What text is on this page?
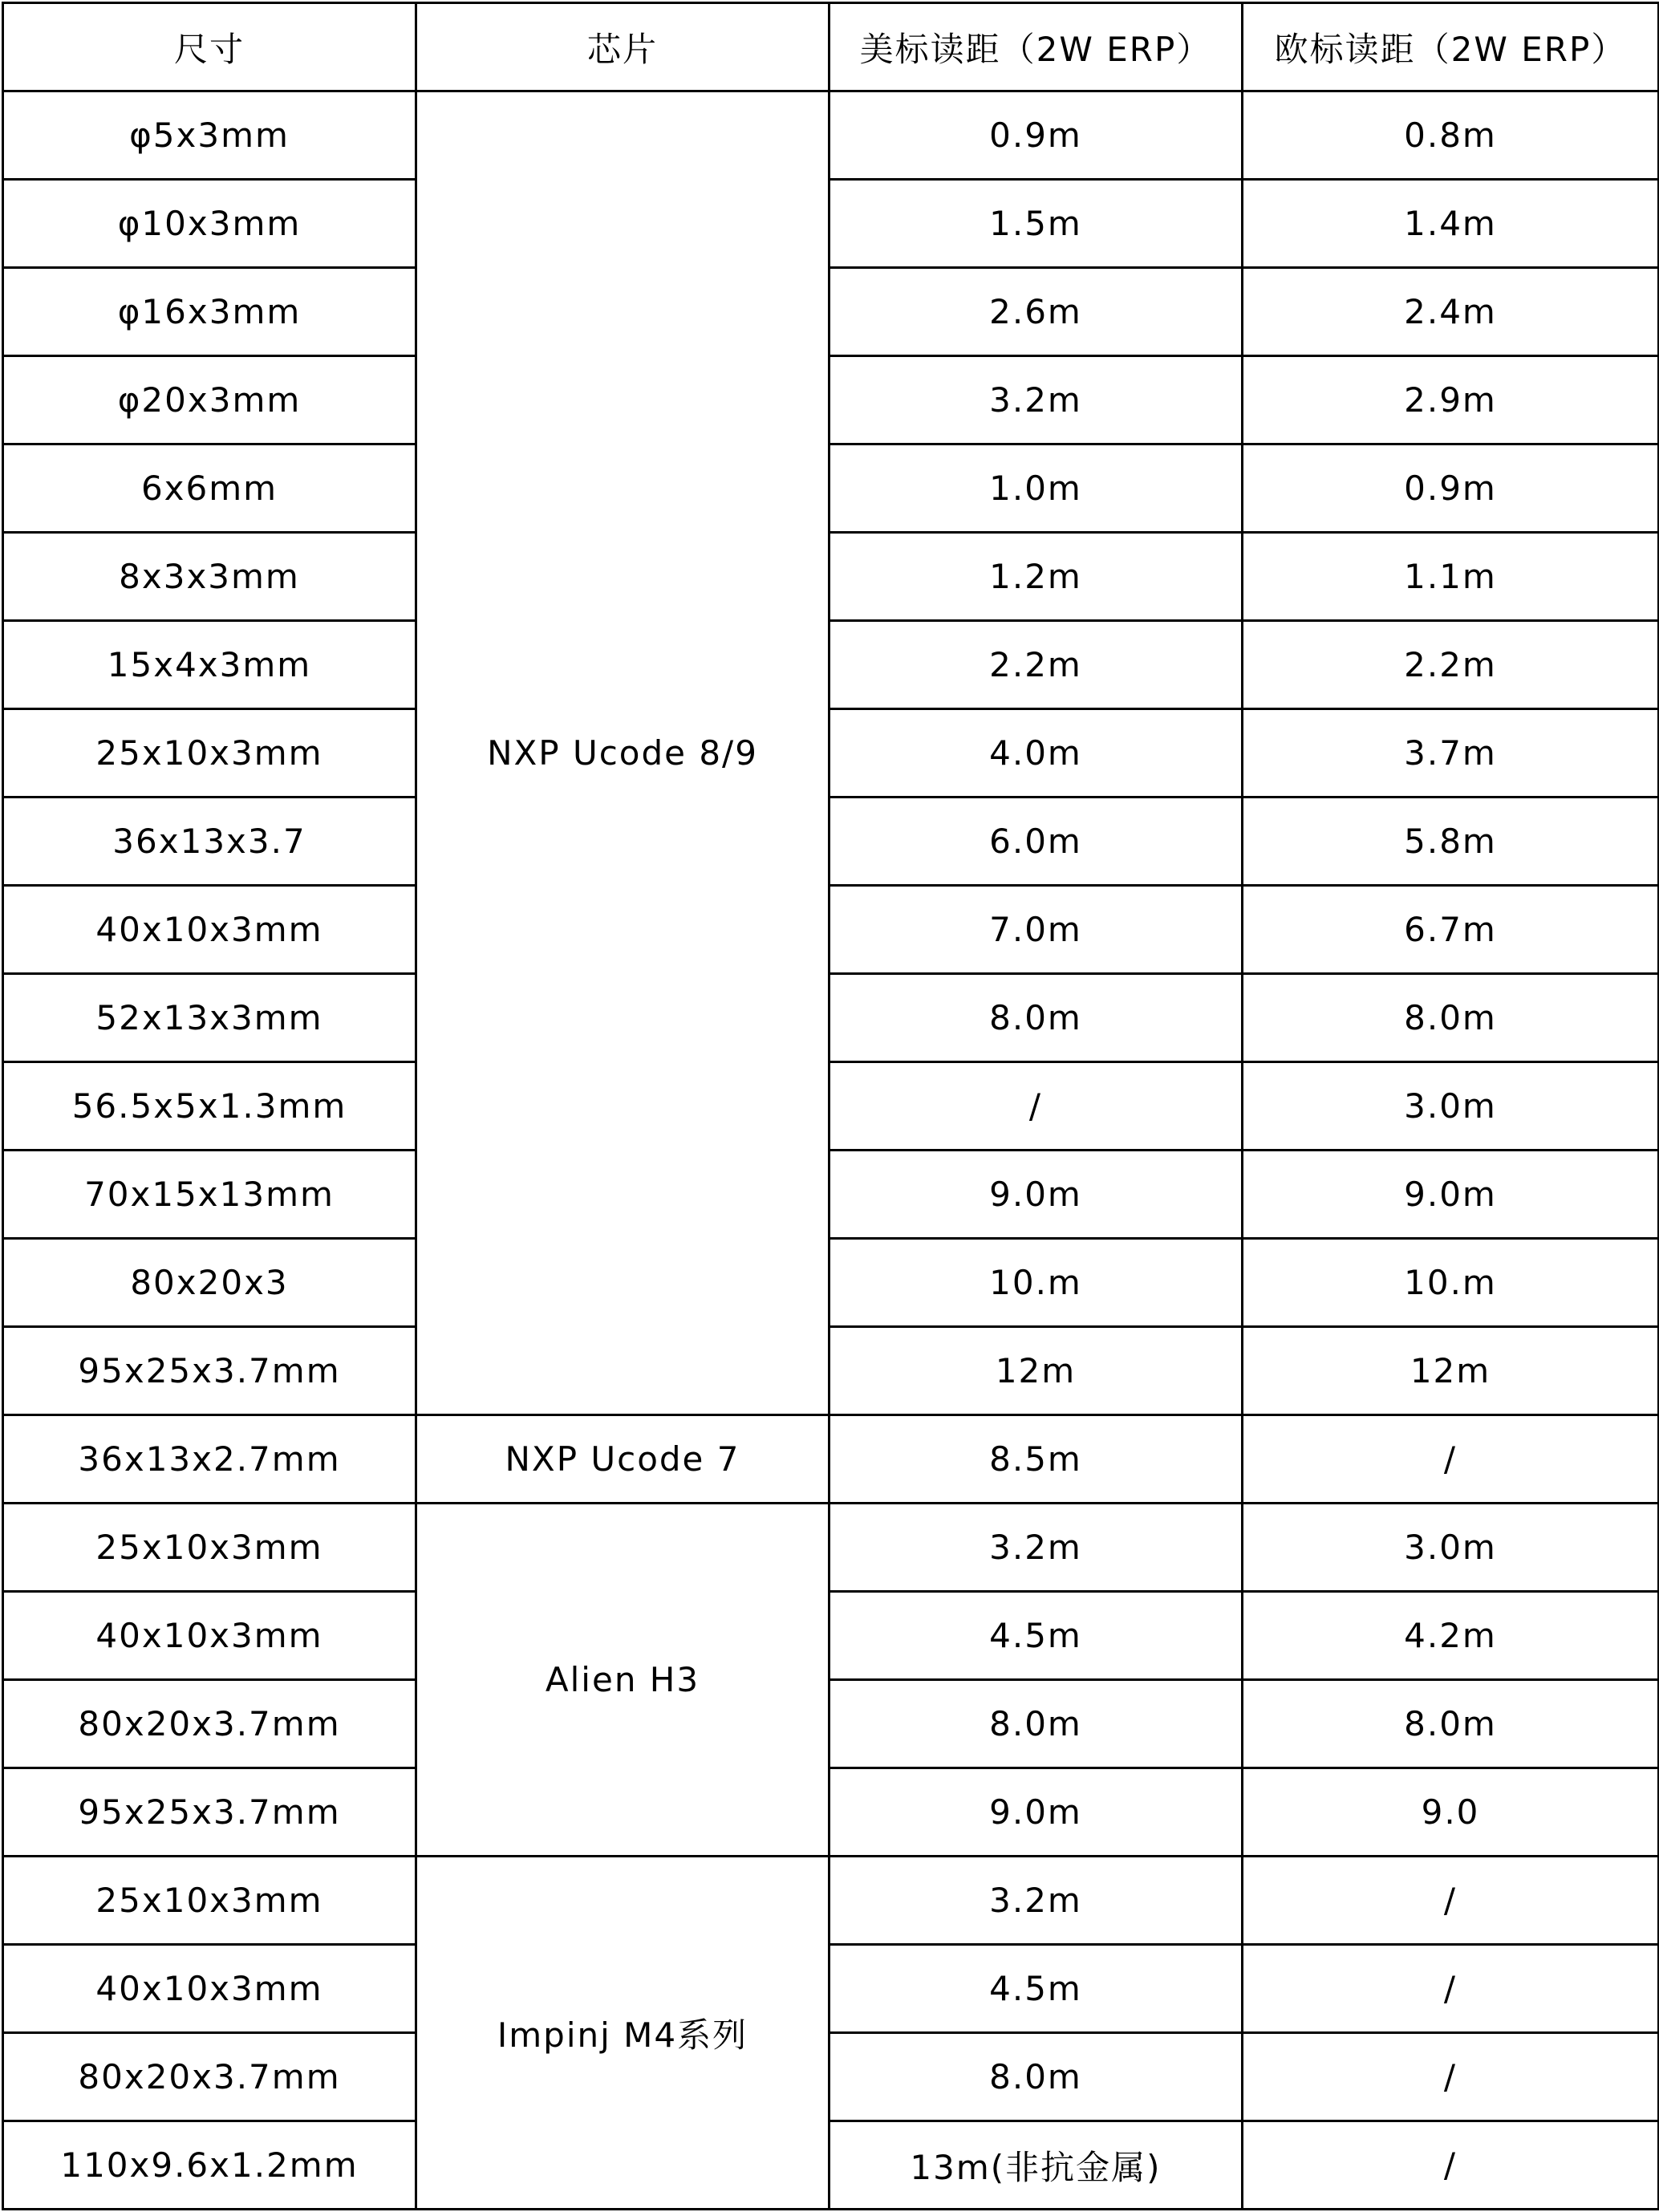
尺寸	芯片	美标读距（2W ERP）	欧标读距（2W ERP）
φ5x3mm	NXP Ucode 8/9	0.9m	0.8m
φ10x3mm		1.5m	1.4m
φ16x3mm		2.6m	2.4m
φ20x3mm		3.2m	2.9m
6x6mm		1.0m	0.9m
8x3x3mm		1.2m	1.1m
15x4x3mm		2.2m	2.2m
25x10x3mm		4.0m	3.7m
36x13x3.7		6.0m	5.8m
40x10x3mm		7.0m	6.7m
52x13x3mm		8.0m	8.0m
56.5x5x1.3mm		/	3.0m
70x15x13mm		9.0m	9.0m
80x20x3		10.m	10.m
95x25x3.7mm		12m	12m
36x13x2.7mm	NXP Ucode 7	8.5m	/
25x10x3mm	Alien H3	3.2m	3.0m
40x10x3mm		4.5m	4.2m
80x20x3.7mm		8.0m	8.0m
95x25x3.7mm		9.0m	9.0
25x10x3mm	Impinj M4系列	3.2m	/
40x10x3mm		4.5m	/
80x20x3.7mm		8.0m	/
110x9.6x1.2mm		13m(非抗金属)	/
